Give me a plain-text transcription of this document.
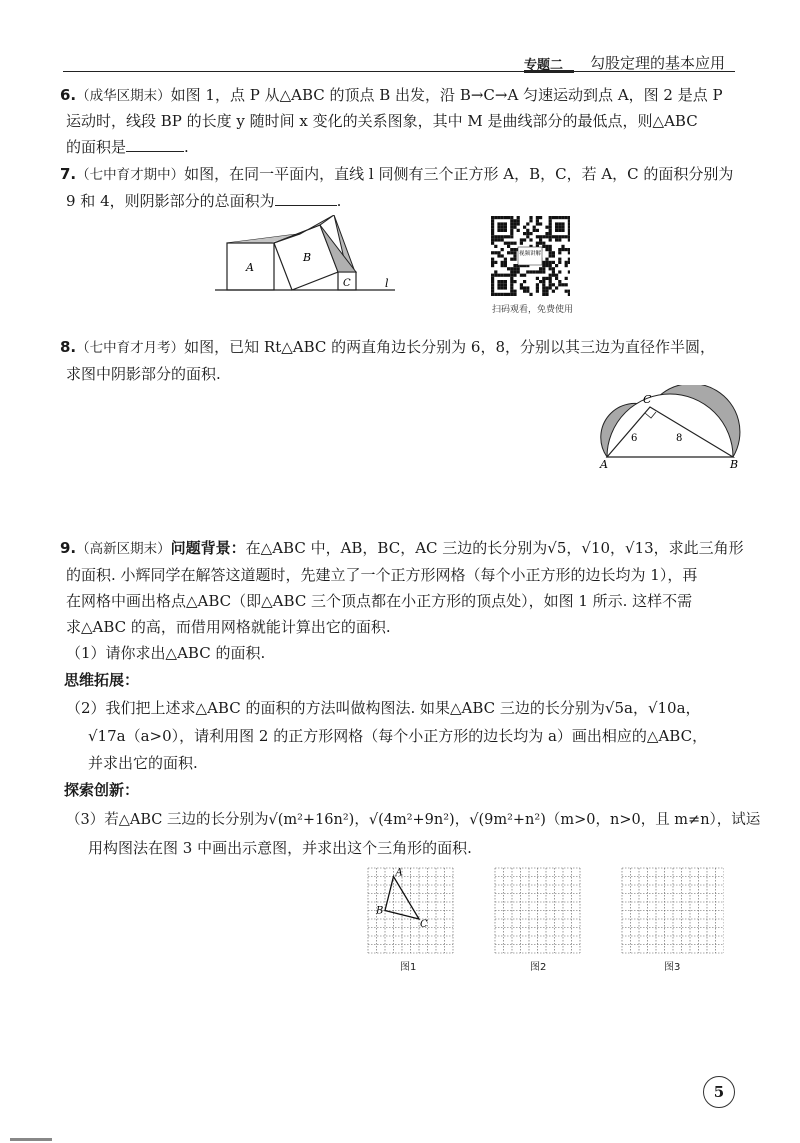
专题二 勾股定理的基本应用
6.（成华区期末）如图 1，点 P 从△ABC 的顶点 B 出发，沿 B→C→A 匀速运动到点 A，图 2 是点 P
运动时，线段 BP 的长度 y 随时间 x 变化的关系图象，其中 M 是曲线部分的最低点，则△ABC
的面积是	.
7.（七中育才期中）如图，在同一平面内，直线 l 同侧有三个正方形 A，B，C，若 A，C 的面积分别为
9 和 4，则阴影部分的总面积为	.
A
B
C	l
视频讲解
扫码观看，免费使用
8.（七中育才月考）如图，已知 Rt△ABC 的两直角边长分别为 6，8，分别以其三边为直径作半圆，
求图中阴影部分的面积.
A	B
C
6	8
9.（高新区期末）问题背景：在△ABC 中，AB，BC，AC 三边的长分别为√5，√10，√13，求此三角形
的面积. 小辉同学在解答这道题时，先建立了一个正方形网格（每个小正方形的边长均为 1），再
在网格中画出格点△ABC（即△ABC 三个顶点都在小正方形的顶点处），如图 1 所示. 这样不需
求△ABC 的高，而借用网格就能计算出它的面积.
（1）请你求出△ABC 的面积.
思维拓展：
（2）我们把上述求△ABC 的面积的方法叫做构图法. 如果△ABC 三边的长分别为√5a，√10a，
√17a（a>0），请利用图 2 的正方形网格（每个小正方形的边长均为 a）画出相应的△ABC，
并求出它的面积.
探索创新：
（3）若△ABC 三边的长分别为√(m²+16n²)，√(4m²+9n²)，√(9m²+n²)（m>0，n>0，且 m≠n），试运
用构图法在图 3 中画出示意图，并求出这个三角形的面积.
A
B
C
图1	图2	图3
5
